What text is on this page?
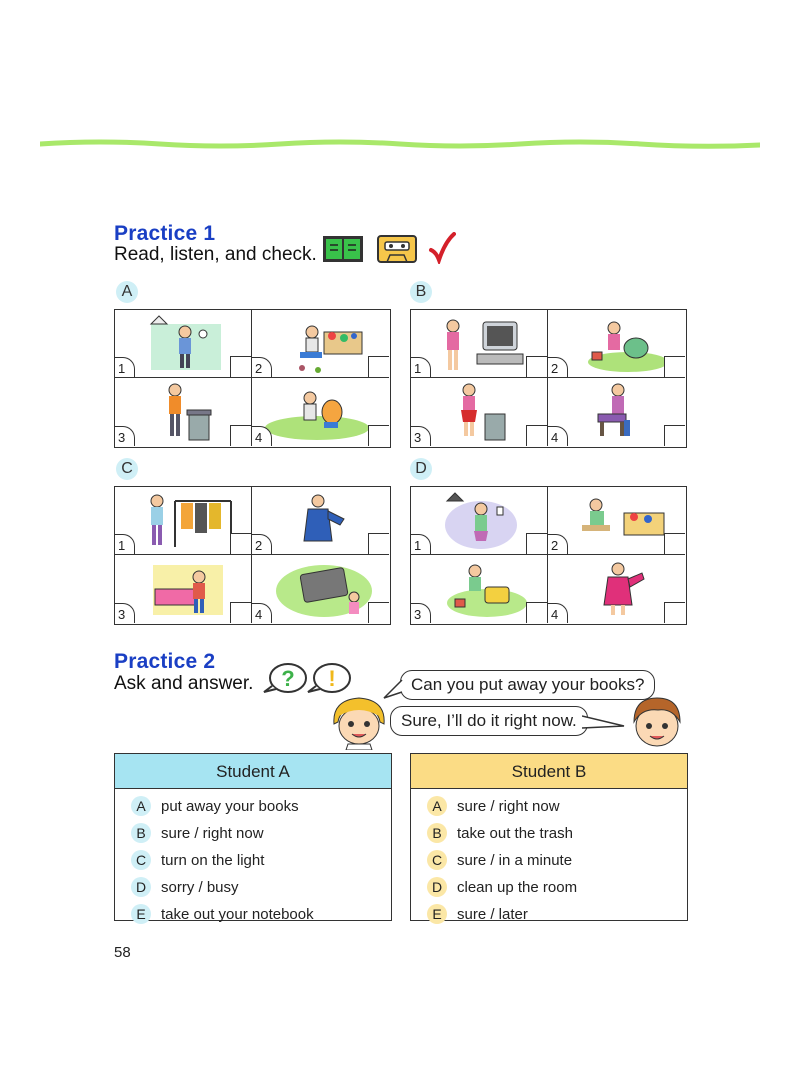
Practice 1
Read, listen, and check.
A	B
C	D
1	2
3	4
1	2
3	4
1	2
3	4
1	2
3	4
Practice 2
Ask and answer. ? !	Can you put away your books?
Sure, I’ll do it right now.
Student A
A	put away your books
B	sure / right now
C turn on the light
D sorry / busy
E	take out your notebook
Student B
A	sure / right now
B	take out the trash
C sure / in a minute
D clean up the room
E	sure / later
58
